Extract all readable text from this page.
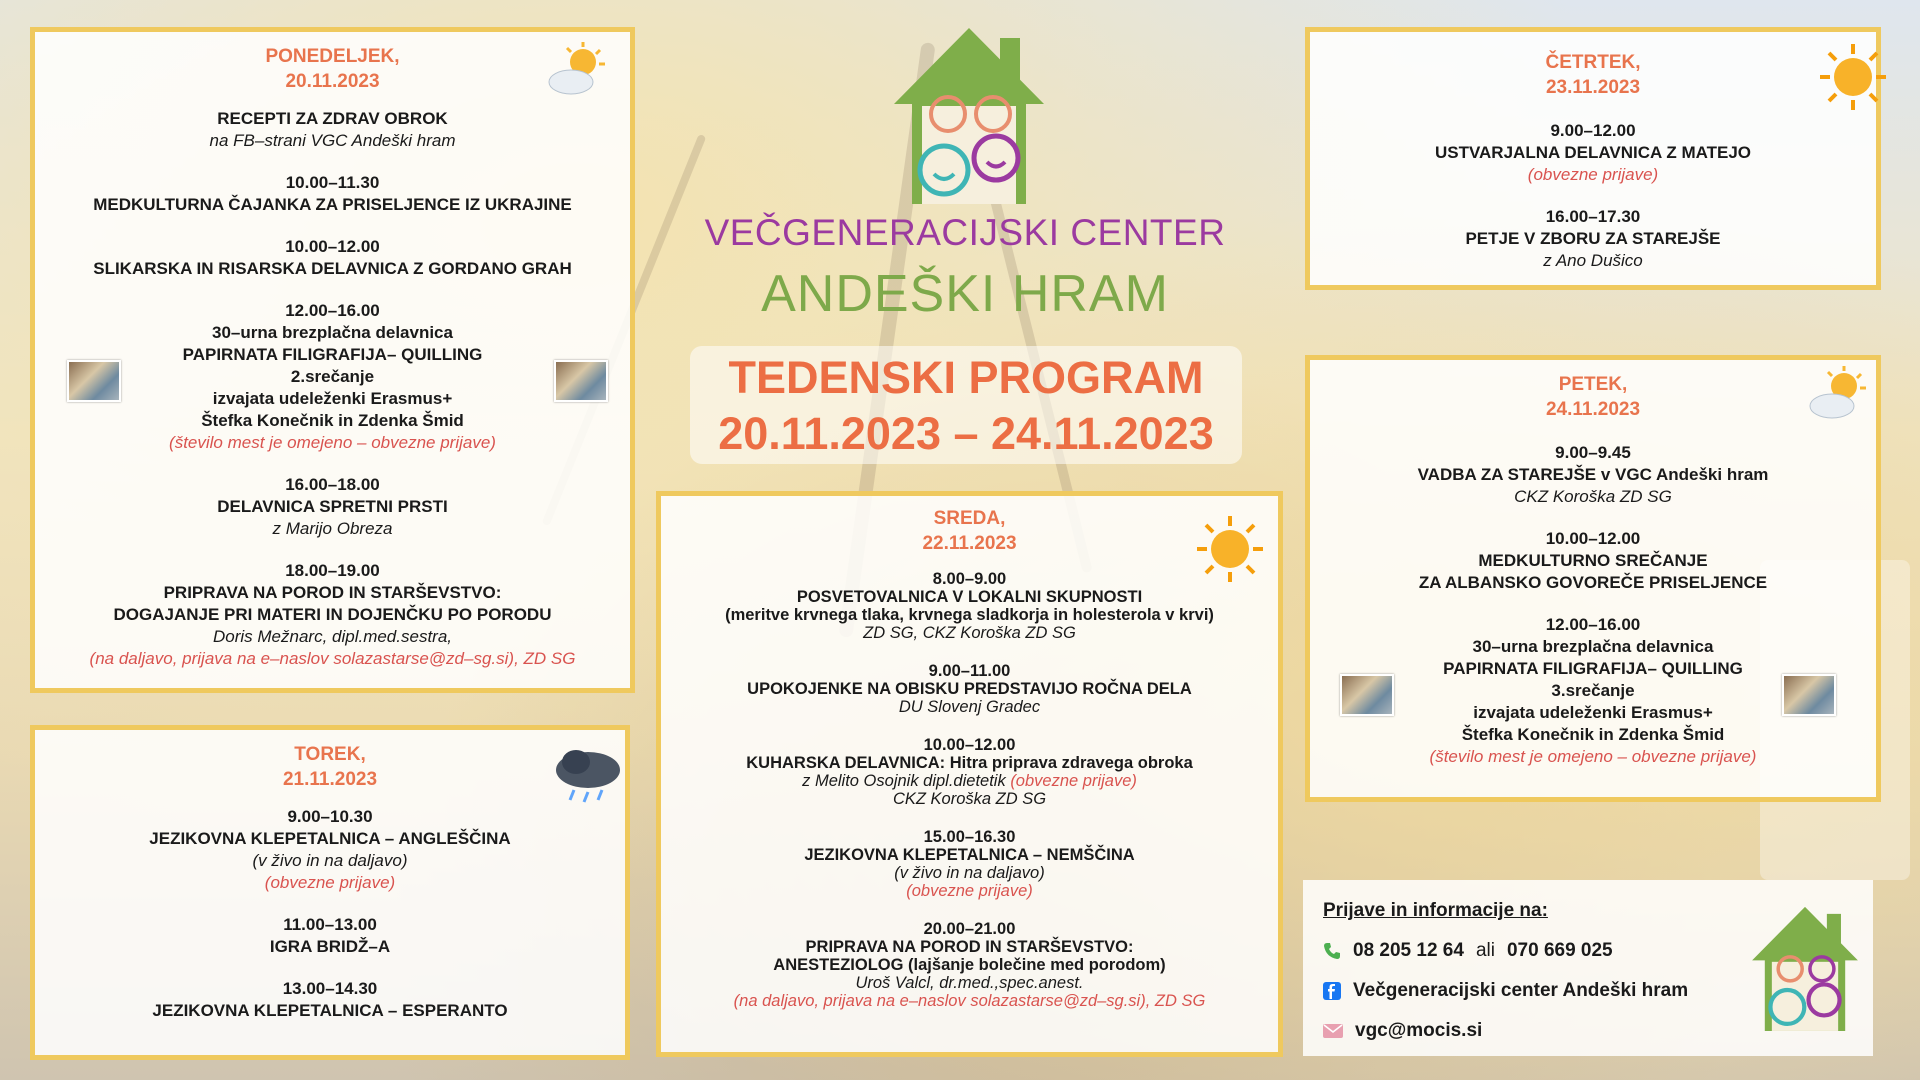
VEČGENERACIJSKI CENTER
ANDEŠKI HRAM
TEDENSKI PROGRAM
20.11.2023 – 24.11.2023
PONEDELJEK,
20.11.2023
RECEPTI ZA ZDRAV OBROK
na FB–strani VGC Andeški hram
10.00–11.30
MEDKULTURNA ČAJANKA ZA PRISELJENCE IZ UKRAJINE
10.00–12.00
SLIKARSKA IN RISARSKA DELAVNICA Z GORDANO GRAH
12.00–16.00
30–urna brezplačna delavnica
PAPIRNATA FILIGRAFIJA– QUILLING
2.srečanje
izvajata udeleženki Erasmus+
Štefka Konečnik in Zdenka Šmid
(število mest je omejeno – obvezne prijave)
16.00–18.00
DELAVNICA SPRETNI PRSTI
z Marijo Obreza
18.00–19.00
PRIPRAVA NA POROD IN STARŠEVSTVO:
DOGAJANJE PRI MATERI IN DOJENČKU PO PORODU
Doris Mežnarc, dipl.med.sestra,
(na daljavo, prijava na e–naslov solazastarse@zd–sg.si), ZD SG
TOREK,
21.11.2023
9.00–10.30
JEZIKOVNA KLEPETALNICA – ANGLEŠČINA
(v živo in na daljavo)
(obvezne prijave)
11.00–13.00
IGRA BRIDŽ–A
13.00–14.30
JEZIKOVNA KLEPETALNICA – ESPERANTO
SREDA,
22.11.2023
8.00–9.00
POSVETOVALNICA V LOKALNI SKUPNOSTI
(meritve krvnega tlaka, krvnega sladkorja in holesterola v krvi)
ZD SG, CKZ Koroška ZD SG
9.00–11.00
UPOKOJENKE NA OBISKU PREDSTAVIJO ROČNA DELA
DU Slovenj Gradec
10.00–12.00
KUHARSKA DELAVNICA: Hitra priprava zdravega obroka
z Melito Osojnik dipl.dietetik (obvezne prijave)
CKZ Koroška ZD SG
15.00–16.30
JEZIKOVNA KLEPETALNICA – NEMŠČINA
(v živo in na daljavo)
(obvezne prijave)
20.00–21.00
PRIPRAVA NA POROD IN STARŠEVSTVO:
ANESTEZIOLOG (lajšanje bolečine med porodom)
Uroš Valcl, dr.med.,spec.anest.
(na daljavo, prijava na e–naslov solazastarse@zd–sg.si), ZD SG
ČETRTEK,
23.11.2023
9.00–12.00
USTVARJALNA DELAVNICA Z MATEJO
(obvezne prijave)
16.00–17.30
PETJE V ZBORU ZA STAREJŠE
z Ano Dušico
PETEK,
24.11.2023
9.00–9.45
VADBA ZA STAREJŠE v VGC Andeški hram
CKZ Koroška ZD SG
10.00–12.00
MEDKULTURNO SREČANJE
ZA ALBANSKO GOVOREČE PRISELJENCE
12.00–16.00
30–urna brezplačna delavnica
PAPIRNATA FILIGRAFIJA– QUILLING
3.srečanje
izvajata udeleženki Erasmus+
Štefka Konečnik in Zdenka Šmid
(število mest je omejeno – obvezne prijave)
Prijave in informacije na:
08 205 12 64 ali 070 669 025
Večgeneracijski center Andeški hram
vgc@mocis.si
